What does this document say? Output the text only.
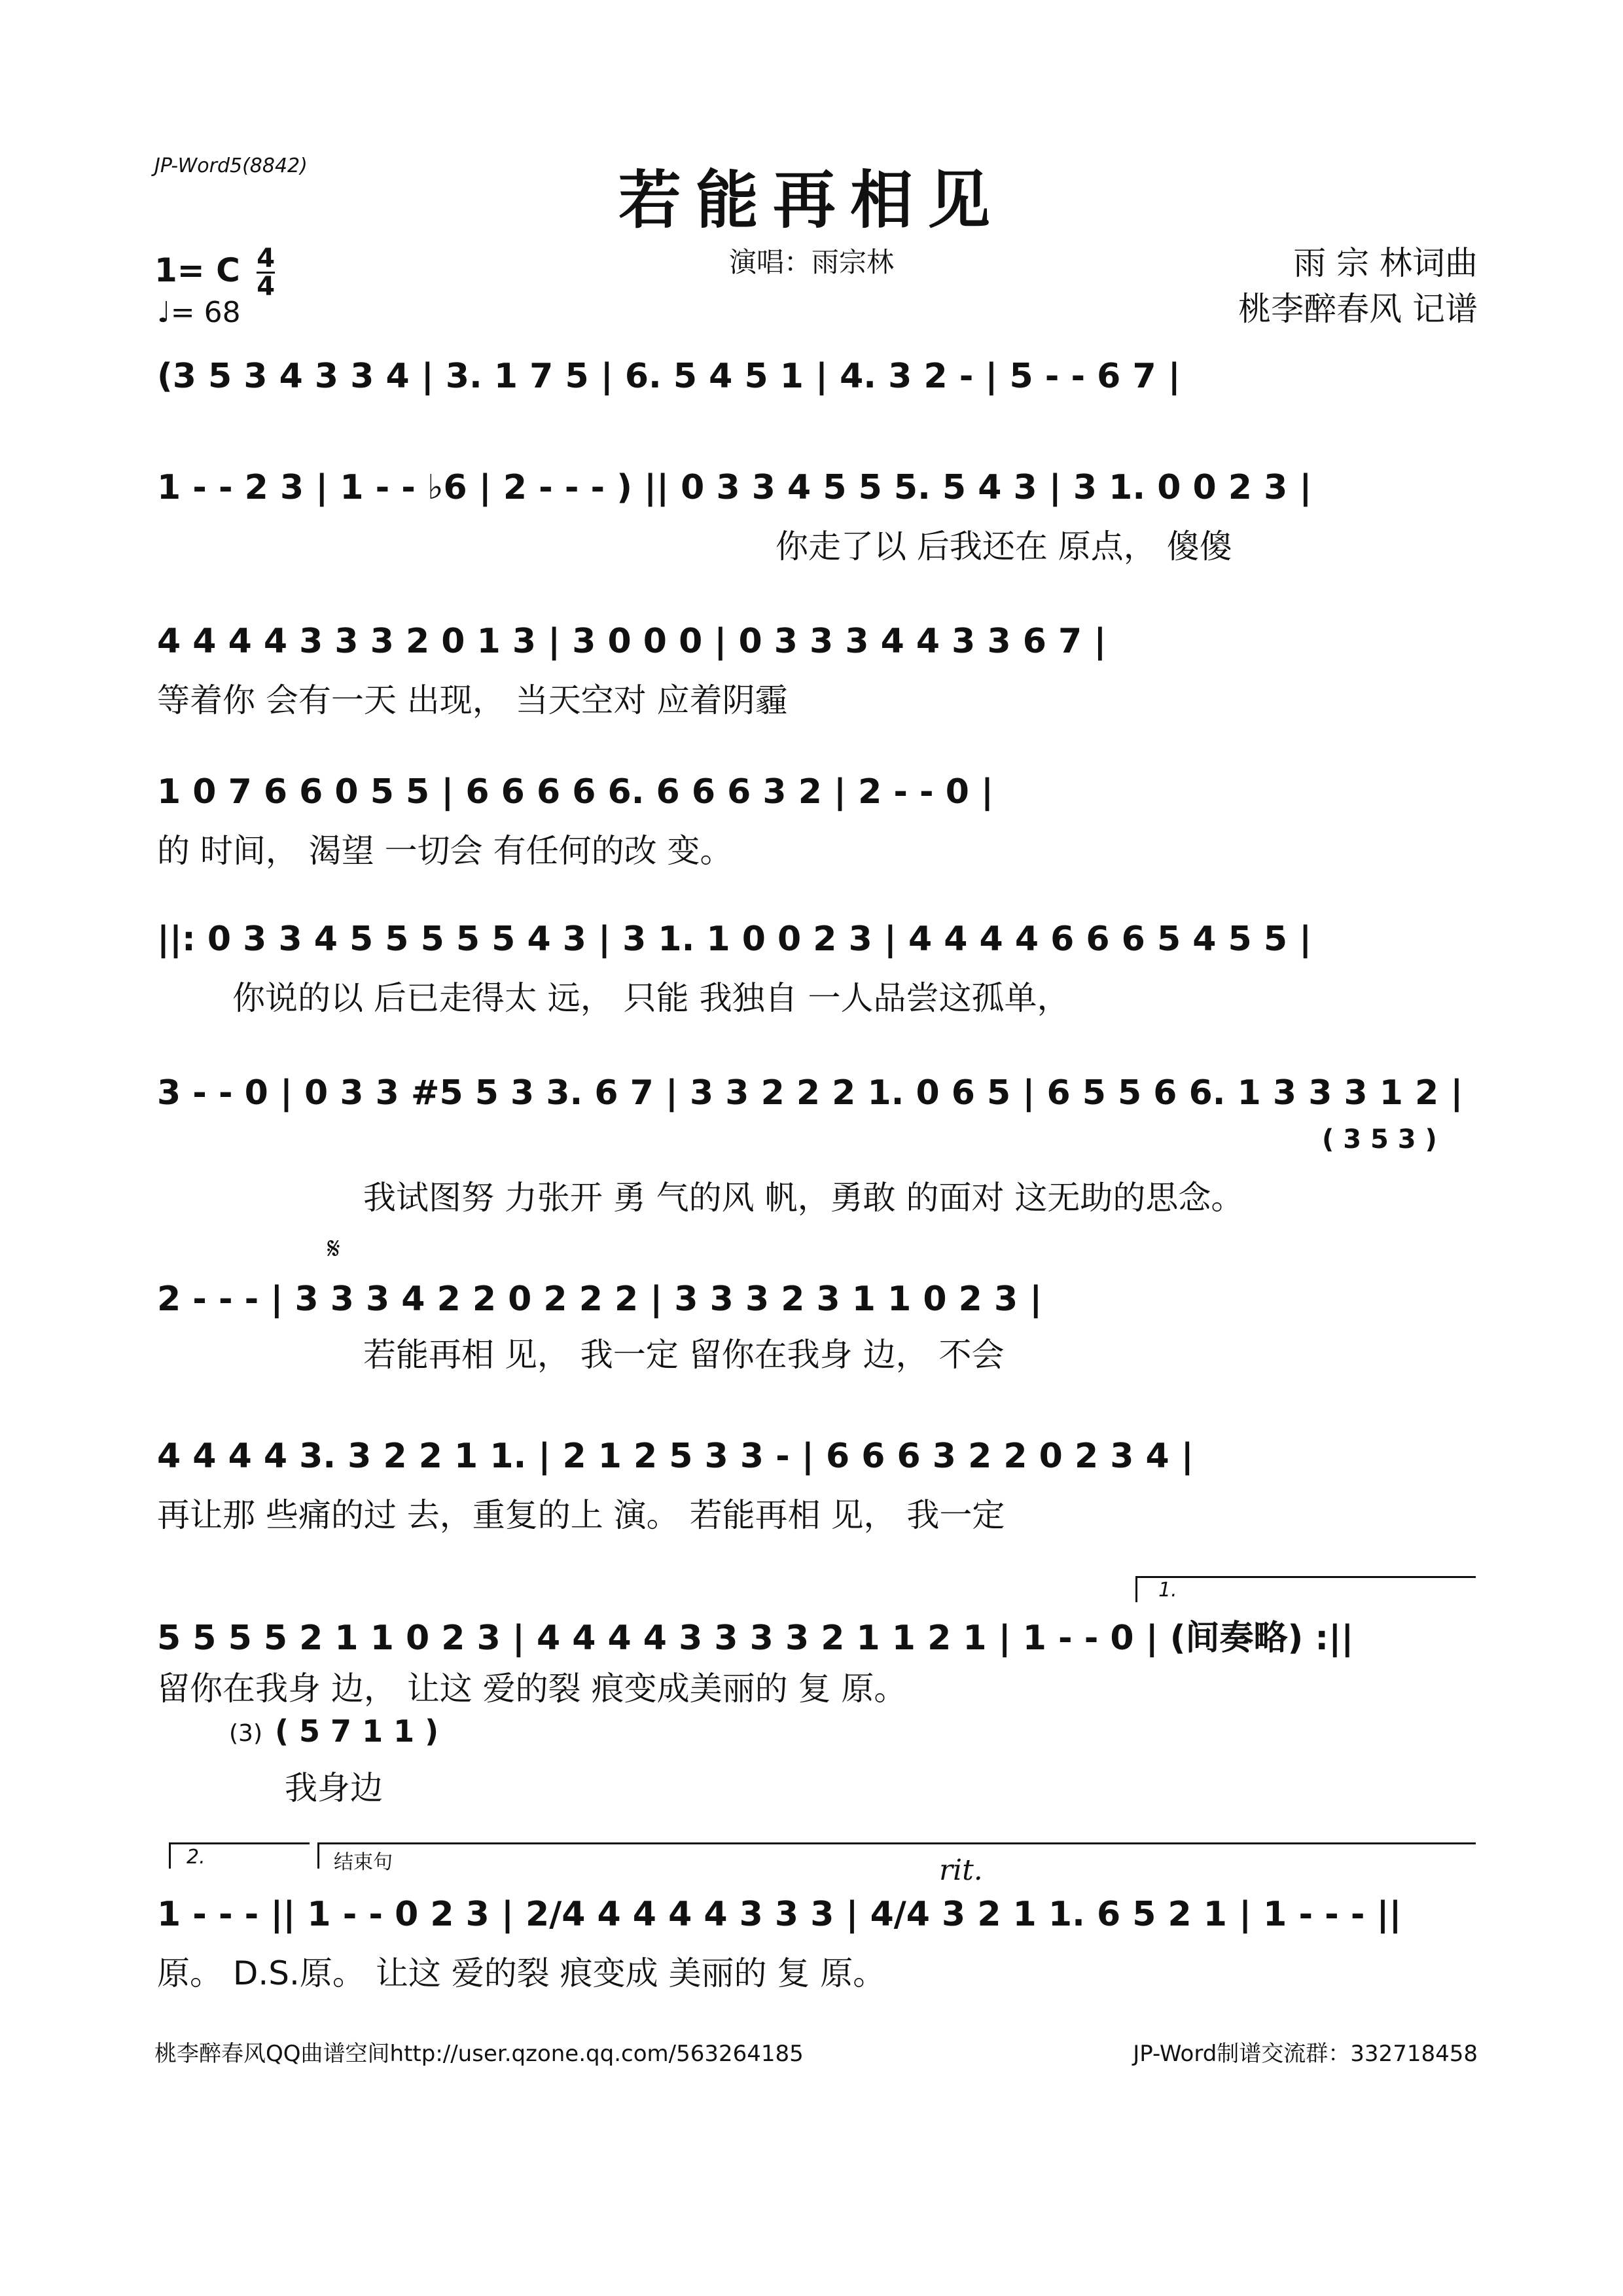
JP-Word5(8842)	若能再相见
演唱：雨宗林	雨 宗 林词曲
桃李醉春风 记谱
1= C $\frac{4}{4}$
♩= 68
(3 5 3 4 3 3 4 | 3. 1 7 5 | 6. 5 4 5 1 | 4. 3 2 - | 5 - - 6 7 |
1 - - 2 3 | 1 - - ♭6 | 2 - - - ) || 0 3 3 4 5 5 5. 5 4 3 | 3 1. 0 0 2 3 |
你走了以 后我还在 原点， 傻傻
4 4 4 4 3 3 3 2 0 1 3 | 3 0 0 0 | 0 3 3 3 4 4 3 3 6 7 |
等着你 会有一天 出现， 当天空对 应着阴霾
1 0 7 6 6 0 5 5 | 6 6 6 6 6. 6 6 6 3 2 | 2 - - 0 |
的 时间， 渴望 一切会 有任何的改 变。
||: 0 3 3 4 5 5 5 5 5 4 3 | 3 1. 1 0 0 2 3 | 4 4 4 4 6 6 6 5 4 5 5 |
你说的以 后已走得太 远， 只能 我独自 一人品尝这孤单，
3 - - 0 | 0 3 3 #5 5 3 3. 6 7 | 3 3 2 2 2 1. 0 6 5 | 6 5 5 6 6. 1 3 3 3 1 2 |
( 3 5 3 )
我试图努 力张开 勇 气的风 帆，勇敢 的面对 这无助的思念。
𝄋
2 - - - | 3 3 3 4 2 2 0 2 2 2 | 3 3 3 2 3 1 1 0 2 3 |
若能再相 见， 我一定 留你在我身 边， 不会
4 4 4 4 3. 3 2 2 1 1. | 2 1 2 5 3 3 - | 6 6 6 3 2 2 0 2 3 4 |
再让那 些痛的过 去，重复的上 演。 若能再相 见， 我一定
1.
5 5 5 5 2 1 1 0 2 3 | 4 4 4 4 3 3 3 3 2 1 1 2 1 | 1 - - 0 | (间奏略) :||
留你在我身 边， 让这 爱的裂 痕变成美丽的 复 原。
(3) ( 5 7 1 1 )
我身边
2.	结束句	rit.
1 - - - || 1 - - 0 2 3 | 2/4 4 4 4 4 3 3 3 | 4/4 3 2 1 1. 6 5 2 1 | 1 - - - ||
原。 D.S.原。 让这 爱的裂 痕变成 美丽的 复 原。
桃李醉春风QQ曲谱空间http://user.qzone.qq.com/563264185	JP-Word制谱交流群：332718458
